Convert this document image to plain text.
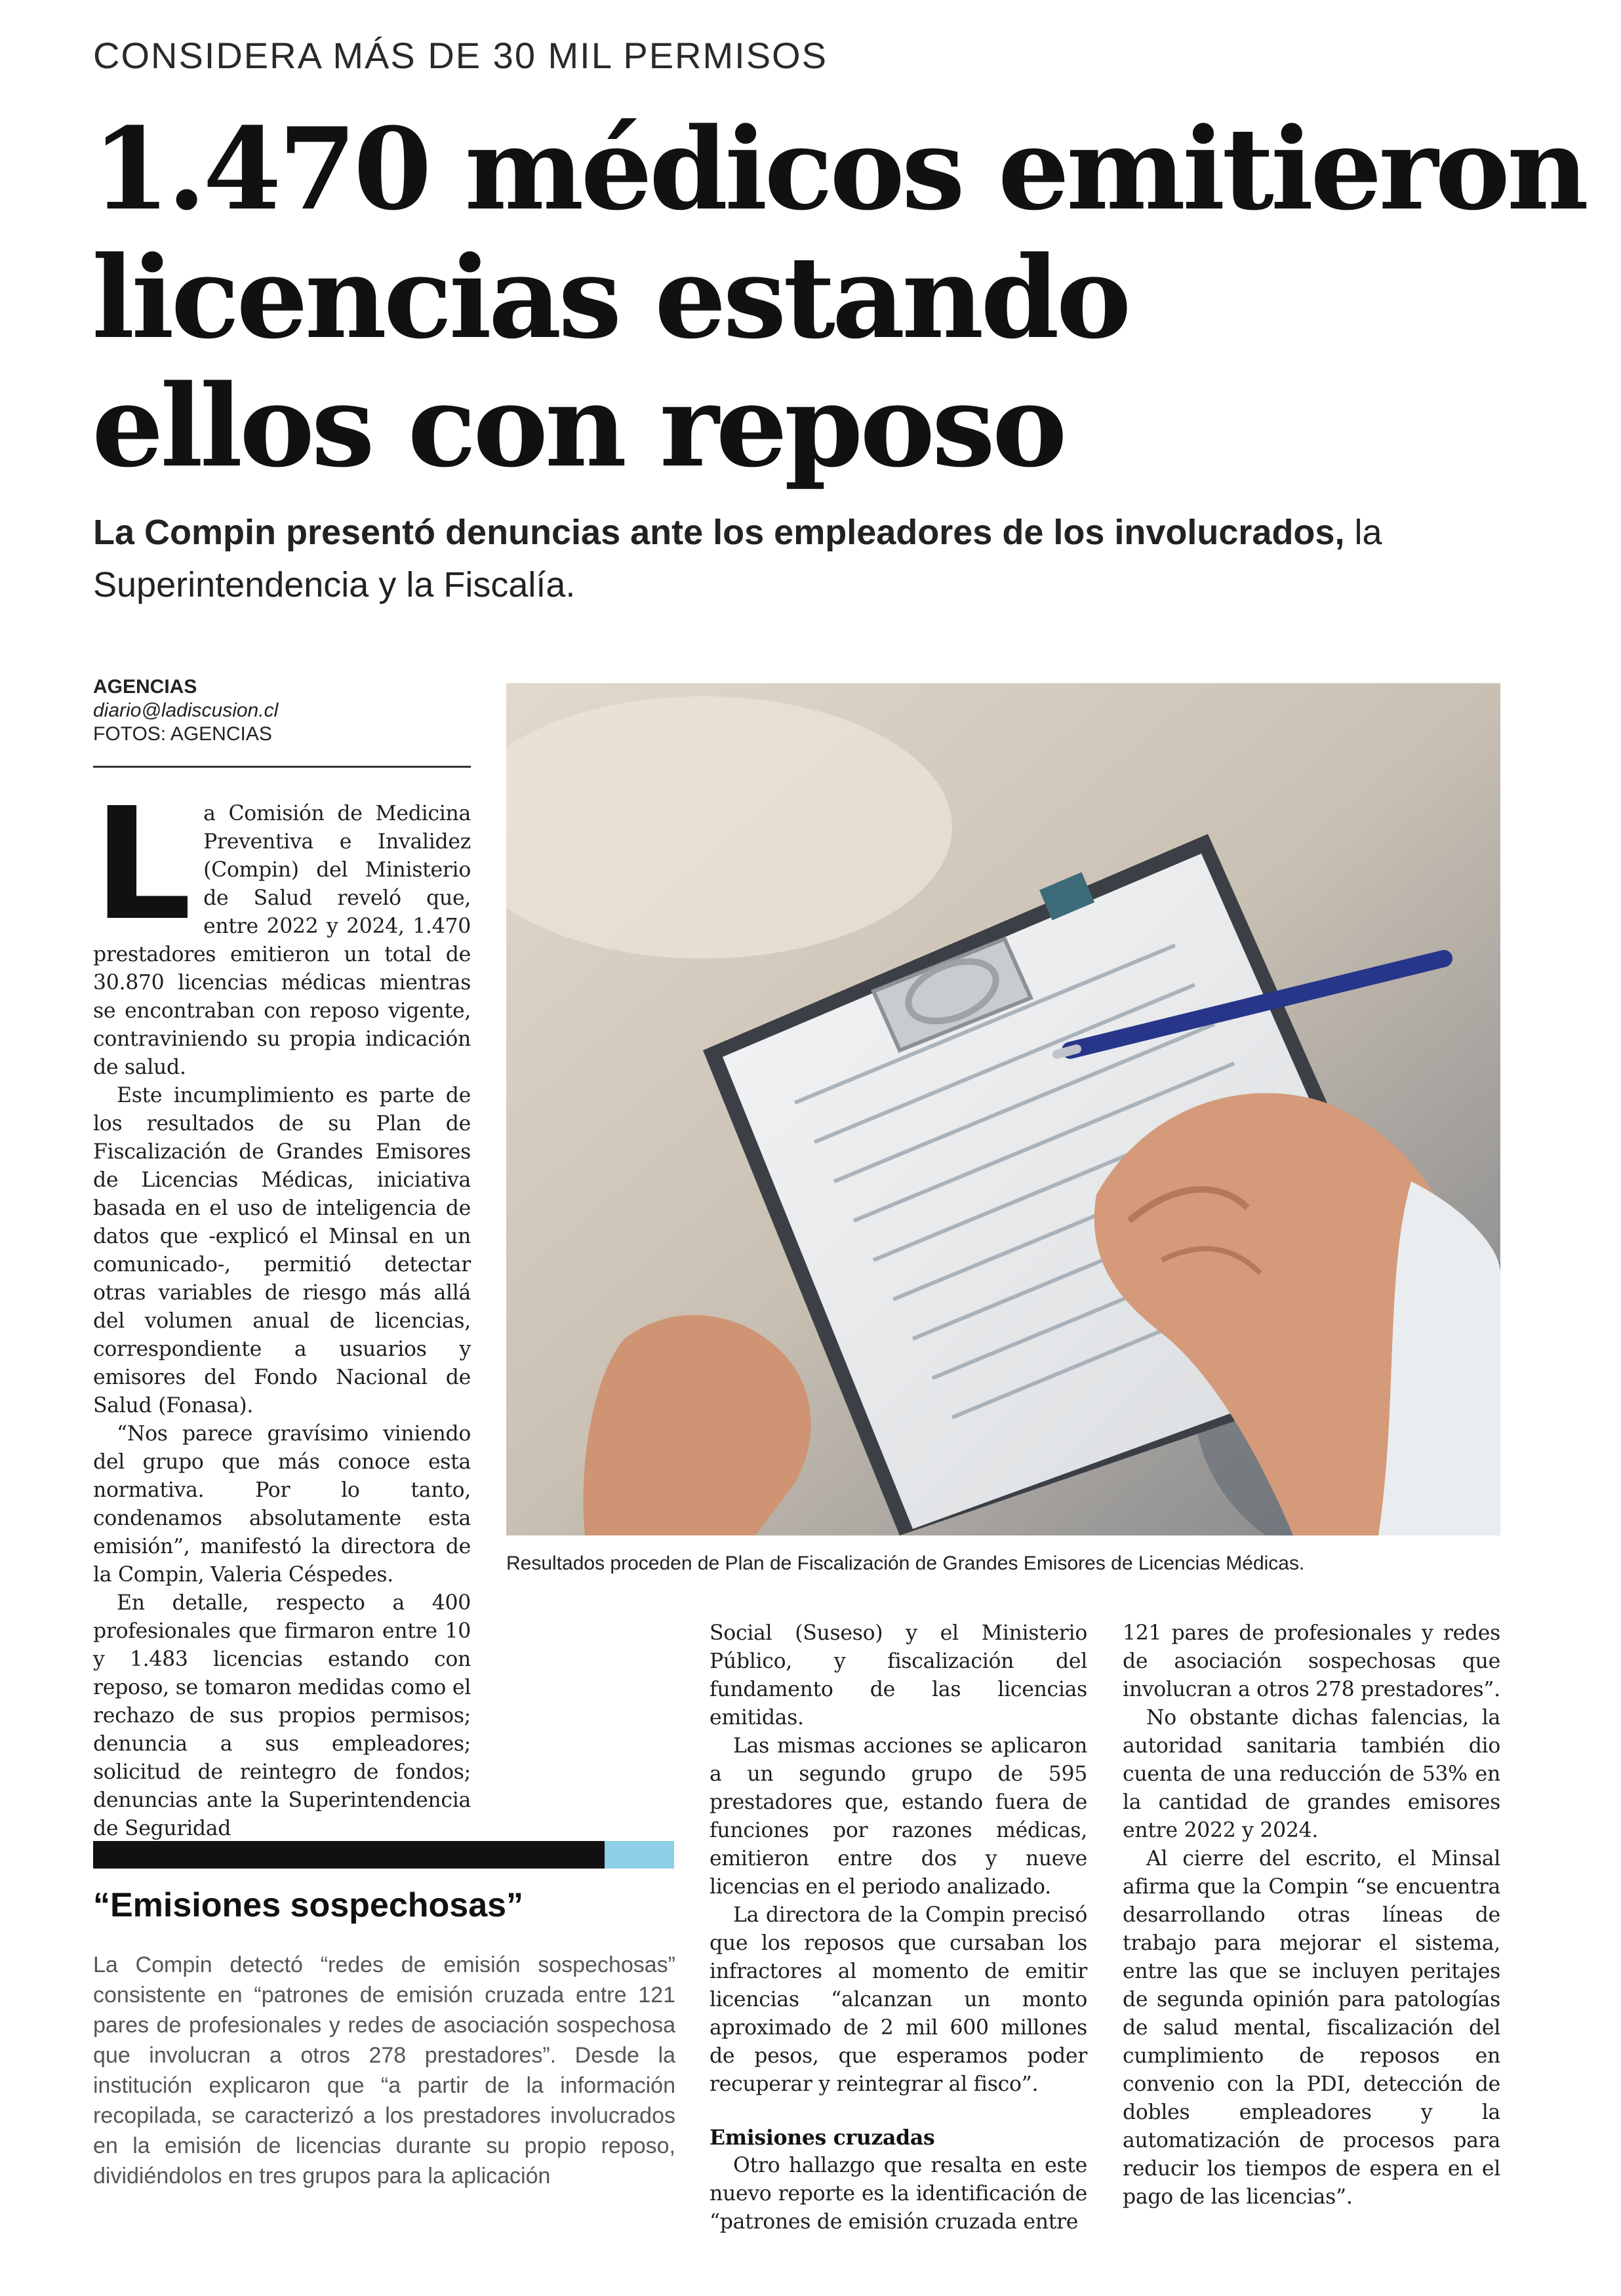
CONSIDERA MÁS DE 30 MIL PERMISOS
1.470 médicos emitieron
licencias estando
ellos con reposo
La Compin presentó denuncias ante los empleadores de los involucrados, la Superintendencia y la Fiscalía.
AGENCIAS
diario@ladiscusion.cl
FOTOS: AGENCIAS

La Comisión de Medicina Preventiva e Invalidez (Compin) del Ministerio de Salud reveló que, entre 2022 y 2024, 1.470 prestadores emitieron un total de 30.870 licencias médicas mientras se encontraban con reposo vigente, contraviniendo su propia indicación de salud.

Este incumplimiento es parte de los resultados de su Plan de Fiscalización de Grandes Emisores de Licencias Médicas, iniciativa basada en el uso de inteligencia de datos que -explicó el Minsal en un comunicado-, permitió detectar otras variables de riesgo más allá del volumen anual de licencias, correspondiente a usuarios y emisores del Fondo Nacional de Salud (Fonasa).

“Nos parece gravísimo viniendo del grupo que más conoce esta normativa. Por lo tanto, condenamos absolutamente esta emisión”, manifestó la directora de la Compin, Valeria Céspedes.

En detalle, respecto a 400 profesionales que firmaron entre 10 y 1.483 licencias estando con reposo, se tomaron medidas como el rechazo de sus propios permisos; denuncia a sus empleadores; solicitud de reintegro de fondos; denuncias ante la Superintendencia de Seguridad

Resultados proceden de Plan de Fiscalización de Grandes Emisores de Licencias Médicas.

Social (Suseso) y el Ministerio Público, y fiscalización del fundamento de las licencias emitidas.

Las mismas acciones se aplicaron a un segundo grupo de 595 prestadores que, estando fuera de funciones por razones médicas, emitieron entre dos y nueve licencias en el periodo analizado.

La directora de la Compin precisó que los reposos que cursaban los infractores al momento de emitir licencias “alcanzan un monto aproximado de 2 mil 600 millones de pesos, que esperamos poder recuperar y reintegrar al fisco”.

Emisiones cruzadas

Otro hallazgo que resalta en este nuevo reporte es la identificación de “patrones de emisión cruzada entre

121 pares de profesionales y redes de asociación sospechosas que involucran a otros 278 prestadores”.

No obstante dichas falencias, la autoridad sanitaria también dio cuenta de una reducción de 53% en la cantidad de grandes emisores entre 2022 y 2024.

Al cierre del escrito, el Minsal afirma que la Compin “se encuentra desarrollando otras líneas de trabajo para mejorar el sistema, entre las que se incluyen peritajes de segunda opinión para patologías de salud mental, fiscalización del cumplimiento de reposos en convenio con la PDI, detección de dobles empleadores y la automatización de procesos para reducir los tiempos de espera en el pago de las licencias”.

“Emisiones sospechosas”
La Compin detectó “redes de emisión sospechosas” consistente en “patrones de emisión cruzada entre 121 pares de profesionales y redes de asociación sospechosa que involucran a otros 278 prestadores”. Desde la institución explicaron que “a partir de la información recopilada, se caracterizó a los prestadores involucrados en la emisión de licencias durante su propio reposo, dividiéndolos en tres grupos para la aplicación
